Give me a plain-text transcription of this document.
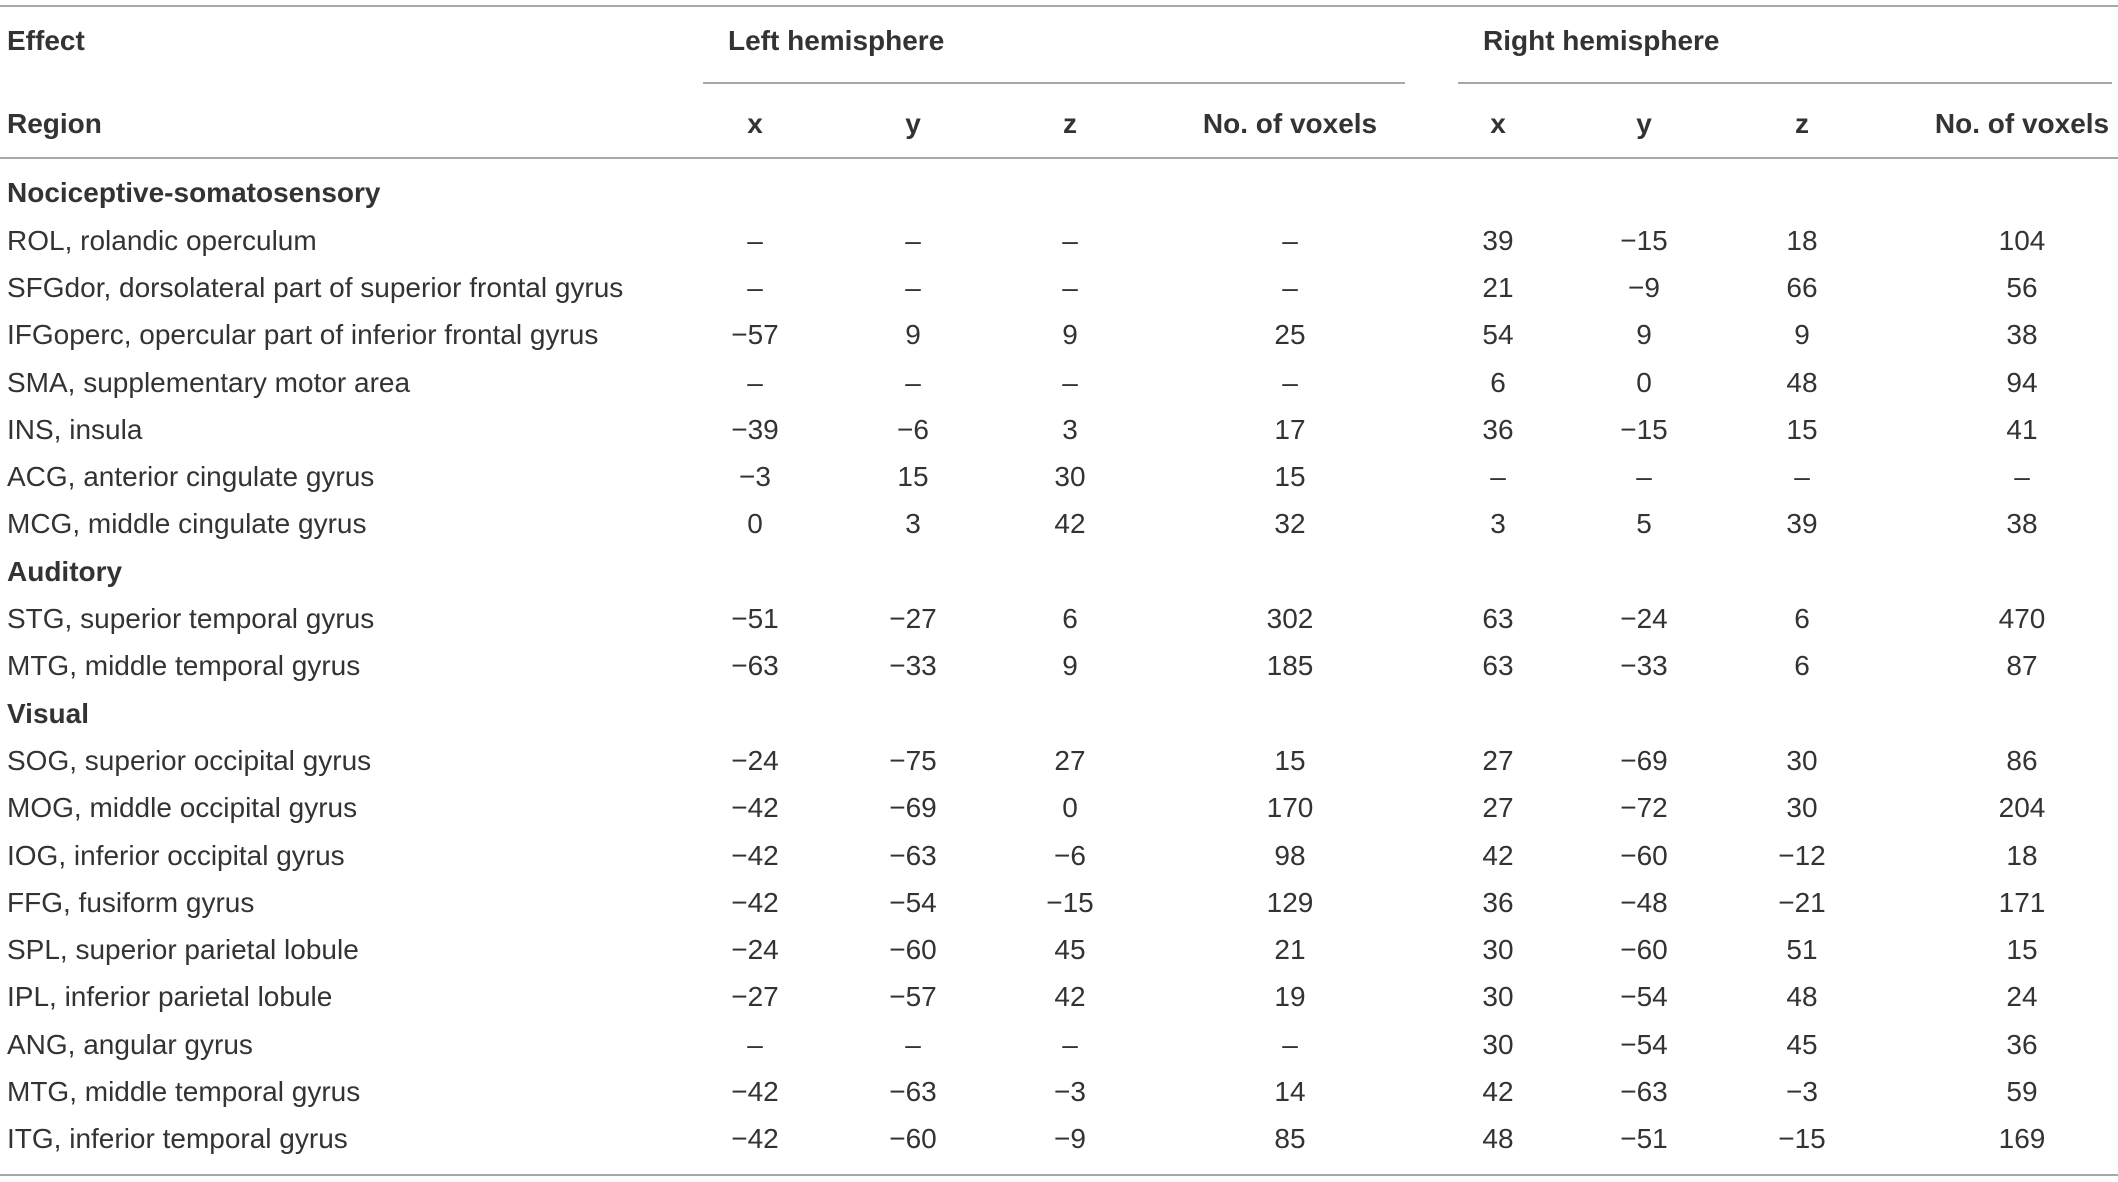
Effect	Left hemisphere	Right hemisphere
Region	x	y	z	No. of voxels	x	y	z	No. of voxels
Nociceptive-somatosensory
ROL, rolandic operculum	–	–	–	–	39	−15	18	104
SFGdor, dorsolateral part of superior frontal gyrus	–	–	–	–	21	−9	66	56
IFGoperc, opercular part of inferior frontal gyrus	−57	9	9	25	54	9	9	38
SMA, supplementary motor area	–	–	–	–	6	0	48	94
INS, insula	−39	−6	3	17	36	−15	15	41
ACG, anterior cingulate gyrus	−3	15	30	15	–	–	–	–
MCG, middle cingulate gyrus	0	3	42	32	3	5	39	38
Auditory
STG, superior temporal gyrus	−51	−27	6	302	63	−24	6	470
MTG, middle temporal gyrus	−63	−33	9	185	63	−33	6	87
Visual
SOG, superior occipital gyrus	−24	−75	27	15	27	−69	30	86
MOG, middle occipital gyrus	−42	−69	0	170	27	−72	30	204
IOG, inferior occipital gyrus	−42	−63	−6	98	42	−60	−12	18
FFG, fusiform gyrus	−42	−54	−15	129	36	−48	−21	171
SPL, superior parietal lobule	−24	−60	45	21	30	−60	51	15
IPL, inferior parietal lobule	−27	−57	42	19	30	−54	48	24
ANG, angular gyrus	–	–	–	–	30	−54	45	36
MTG, middle temporal gyrus	−42	−63	−3	14	42	−63	−3	59
ITG, inferior temporal gyrus	−42	−60	−9	85	48	−51	−15	169
